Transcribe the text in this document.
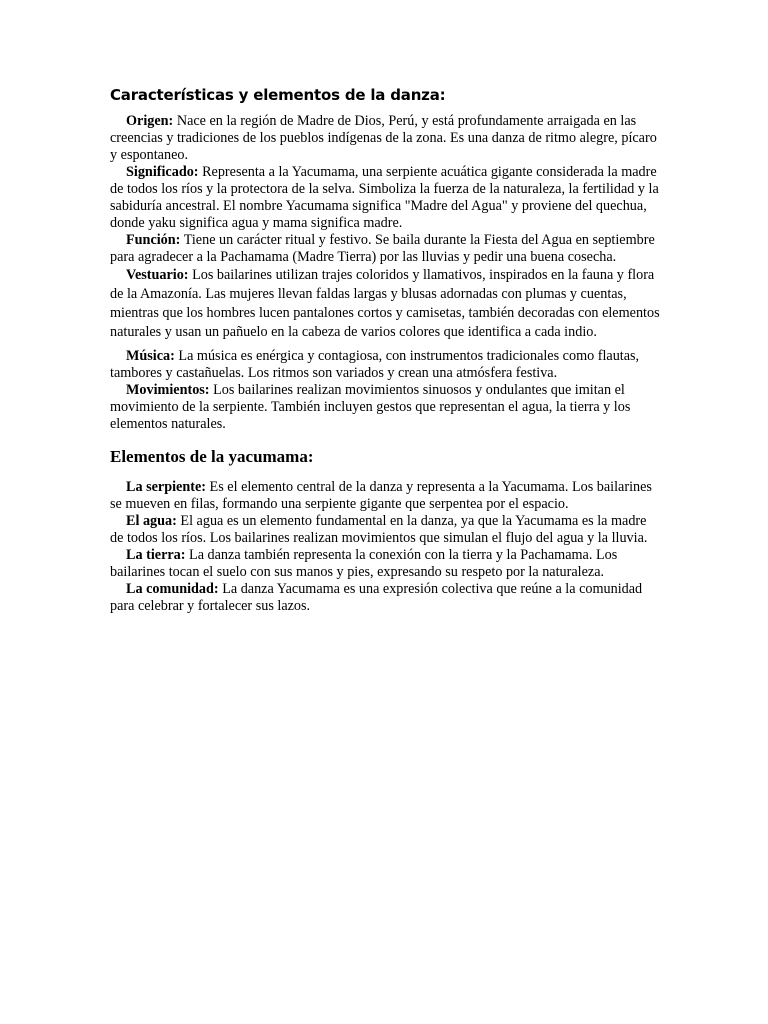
Características y elementos de la danza:

Origen: Nace en la región de Madre de Dios, Perú, y está profundamente arraigada en las creencias y tradiciones de los pueblos indígenas de la zona. Es una danza de ritmo alegre, pícaro y espontaneo.

Significado: Representa a la Yacumama, una serpiente acuática gigante considerada la madre de todos los ríos y la protectora de la selva. Simboliza la fuerza de la naturaleza, la fertilidad y la sabiduría ancestral. El nombre Yacumama significa "Madre del Agua" y proviene del quechua, donde yaku significa agua y mama significa madre.

Función: Tiene un carácter ritual y festivo. Se baila durante la Fiesta del Agua en septiembre para agradecer a la Pachamama (Madre Tierra) por las lluvias y pedir una buena cosecha.

Vestuario: Los bailarines utilizan trajes coloridos y llamativos, inspirados en la fauna y flora de la Amazonía. Las mujeres llevan faldas largas y blusas adornadas con plumas y cuentas, mientras que los hombres lucen pantalones cortos y camisetas, también decoradas con elementos naturales y usan un pañuelo en la cabeza de varios colores que identifica a cada indio.

Música: La música es enérgica y contagiosa, con instrumentos tradicionales como flautas, tambores y castañuelas. Los ritmos son variados y crean una atmósfera festiva.

Movimientos: Los bailarines realizan movimientos sinuosos y ondulantes que imitan el movimiento de la serpiente. También incluyen gestos que representan el agua, la tierra y los elementos naturales.

Elementos de la yacumama:

La serpiente: Es el elemento central de la danza y representa a la Yacumama. Los bailarines se mueven en filas, formando una serpiente gigante que serpentea por el espacio.

El agua: El agua es un elemento fundamental en la danza, ya que la Yacumama es la madre de todos los ríos. Los bailarines realizan movimientos que simulan el flujo del agua y la lluvia.

La tierra: La danza también representa la conexión con la tierra y la Pachamama. Los bailarines tocan el suelo con sus manos y pies, expresando su respeto por la naturaleza.

La comunidad: La danza Yacumama es una expresión colectiva que reúne a la comunidad para celebrar y fortalecer sus lazos.
